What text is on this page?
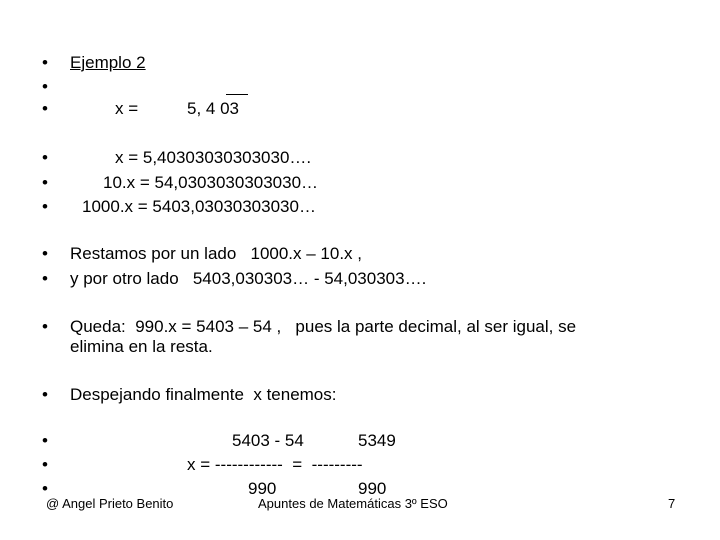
•
•
•
•
•
•
•
•
•
•
•
•
•
Ejemplo 2
x =	5, 4 03
x = 5,40303030303030….
10.x = 54,0303030303030…
1000.x = 5403,03030303030…
Restamos por un lado   1000.x – 10.x ,
y por otro lado   5403,030303… - 54,030303….
Queda:  990.x = 5403 – 54 ,   pues la parte decimal, al ser igual, se
elimina en la resta.
Despejando finalmente  x tenemos:
5403 - 54	5349
x = ------------  =  ---------
990	990
@ Angel Prieto Benito	Apuntes de Matemáticas 3º ESO	7
